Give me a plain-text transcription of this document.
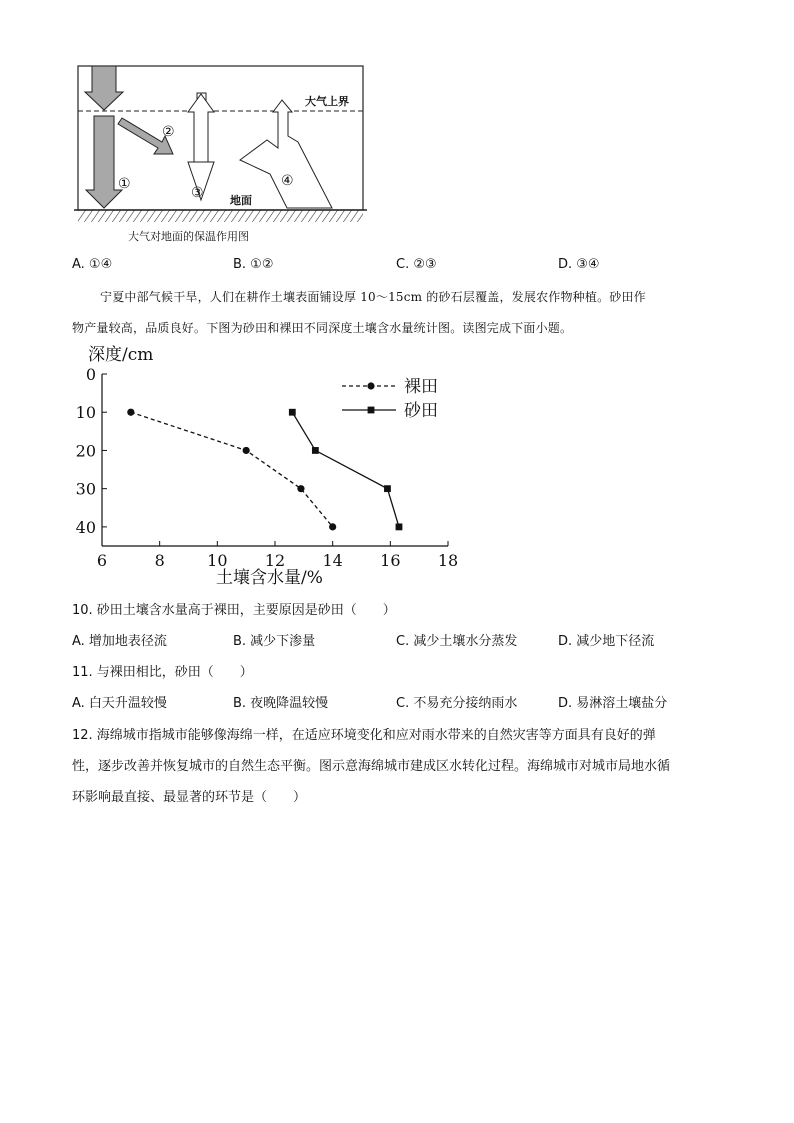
①
②
③
④
大气上界
地面
大气对地面的保温作用图
A. ①④	B. ①②	C. ②③	D. ③④
宁夏中部气候干旱，人们在耕作土壤表面铺设厚 10～15cm 的砂石层覆盖，发展农作物种植。砂田作
物产量较高，品质良好。下图为砂田和裸田不同深度土壤含水量统计图。读图完成下面小题。
6	8	10 12 14 16 18
0
10
20
30
40
裸田
砂田
深度/cm
土壤含水量/%
10. 砂田土壤含水量高于裸田，主要原因是砂田（　　）
A. 增加地表径流	B. 减少下渗量	C. 减少土壤水分蒸发	D. 减少地下径流
11. 与裸田相比，砂田（　　）
A. 白天升温较慢	B. 夜晚降温较慢	C. 不易充分接纳雨水	D. 易淋溶土壤盐分
12. 海绵城市指城市能够像海绵一样，在适应环境变化和应对雨水带来的自然灾害等方面具有良好的弹
性，逐步改善并恢复城市的自然生态平衡。图示意海绵城市建成区水转化过程。海绵城市对城市局地水循
环影响最直接、最显著的环节是（　　）
